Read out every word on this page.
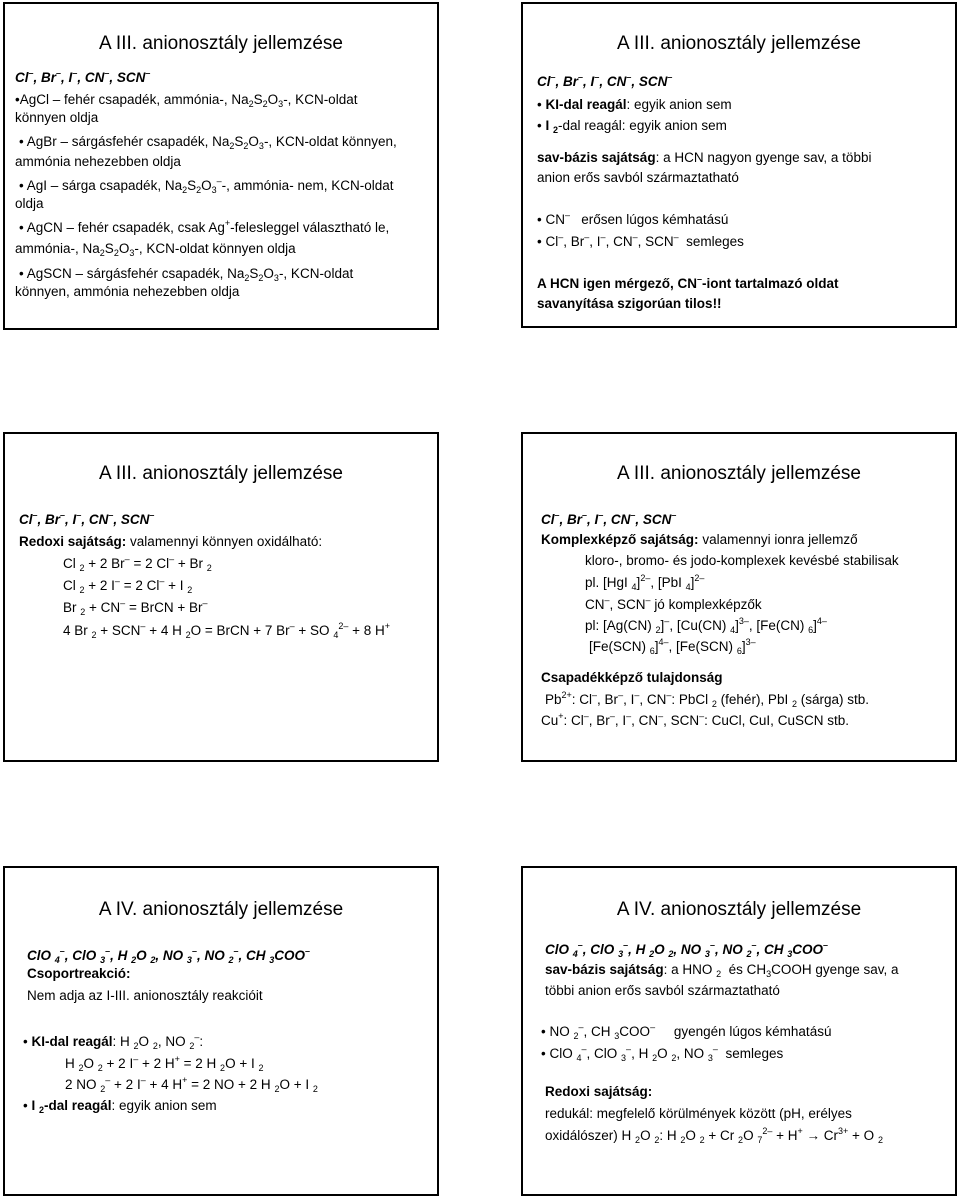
A III. anionosztály jellemzése
Cl–, Br–, I–, CN–, SCN–
•AgCl – fehér csapadék, ammónia-, $Na_2S_2O_3-$, KCN-oldat
könnyen oldja
• AgBr – sárgásfehér csapadék, $Na_2S_2O_3-$, KCN-oldat könnyen,
ammónia nehezebben oldja
• AgI – sárga csapadék, $Na_2S_2O_3^--$, ammónia- nem, KCN-oldat
oldja
• AgCN – fehér csapadék, csak Ag+-felesleggel választható le,
ammónia-, $Na_2S_2O_3-$, KCN-oldat könnyen oldja
• AgSCN – sárgásfehér csapadék, $Na_2S_2O_3-$, KCN-oldat
könnyen, ammónia nehezebben oldja
A III. anionosztály jellemzése
Cl–, Br–, I–, CN–, SCN–
• KI-dal reagál: egyik anion sem
• I $_2$-dal reagál: egyik anion sem
sav-bázis sajátság: a HCN nagyon gyenge sav, a többi
anion erős savból származtatható
• CN– erősen lúgos kémhatású
• Cl–, Br–, I–, CN–, SCN– semleges
A HCN igen mérgező, CN–-iont tartalmazó oldat
savanyítása szigorúan tilos!!
A III. anionosztály jellemzése
Cl–, Br–, I–, CN–, SCN–
Redoxi sajátság: valamennyi könnyen oxidálható:
Cl $_2$ + 2 Br– = 2 Cl– + Br $_2$
Cl $_2$ + 2 I– = 2 Cl– + I $_2$
Br $_2$ + CN– = BrCN + Br–
4 Br $_2$ + SCN– + 4 H $_2$O = BrCN + 7 Br– + SO $_4^{2-}$ + 8 H+
A III. anionosztály jellemzése
Cl–, Br–, I–, CN–, SCN–
Komplexképző sajátság: valamennyi ionra jellemző
kloro-, bromo- és jodo-komplexek kevésbé stabilisak
pl. [HgI $_4$]$^{2-}$, [PbI $_4$]$^{2-}$
CN–, SCN– jó komplexképzők
pl: [Ag(CN) $_2$]–, [Cu(CN) $_4$]$^{3-}$, [Fe(CN) $_6$]$^{4-}$
[Fe(SCN) $_6$]$^{4-}$, [Fe(SCN) $_6$]$^{3-}$
Csapadékképző tulajdonság
$Pb^{2+}$: Cl–, Br–, I–, CN–: PbCl $_2$ (fehér), PbI $_2$ (sárga) stb.
Cu+: Cl–, Br–, I–, CN–, SCN–: CuCl, CuI, CuSCN stb.
A IV. anionosztály jellemzése
ClO $_4$–, ClO $_3$–, H $_2$O $_2$, NO $_3$–, NO $_2$–, CH $_3$COO–
Csoportreakció:
Nem adja az I-III. anionosztály reakcióit
• KI-dal reagál: H $_2$O $_2$, NO $_2$–:
H $_2$O $_2$ + 2 I– + 2 H+ = 2 H $_2$O + I $_2$
2 NO $_2$– + 2 I– + 4 H+ = 2 NO + 2 H $_2$O + I $_2$
• I $_2$-dal reagál: egyik anion sem
A IV. anionosztály jellemzése
ClO $_4$–, ClO $_3$–, H $_2$O $_2$, NO $_3$–, NO $_2$–, CH $_3$COO–
sav-bázis sajátság: a HNO $_2$ és $CH_3COOH$ gyenge sav, a
többi anion erős savból származtatható
• NO $_2$–, CH $_3$COO– gyengén lúgos kémhatású
• ClO $_4$–, ClO $_3$–, H $_2$O $_2$, NO $_3$– semleges
Redoxi sajátság:
redukál: megfelelő körülmények között (pH, erélyes
oxidálószer) H $_2$O $_2$: H $_2$O $_2$ + Cr $_2$O $_7^{2-} + H^+ \to Cr^{3+} + O$ $_2$
